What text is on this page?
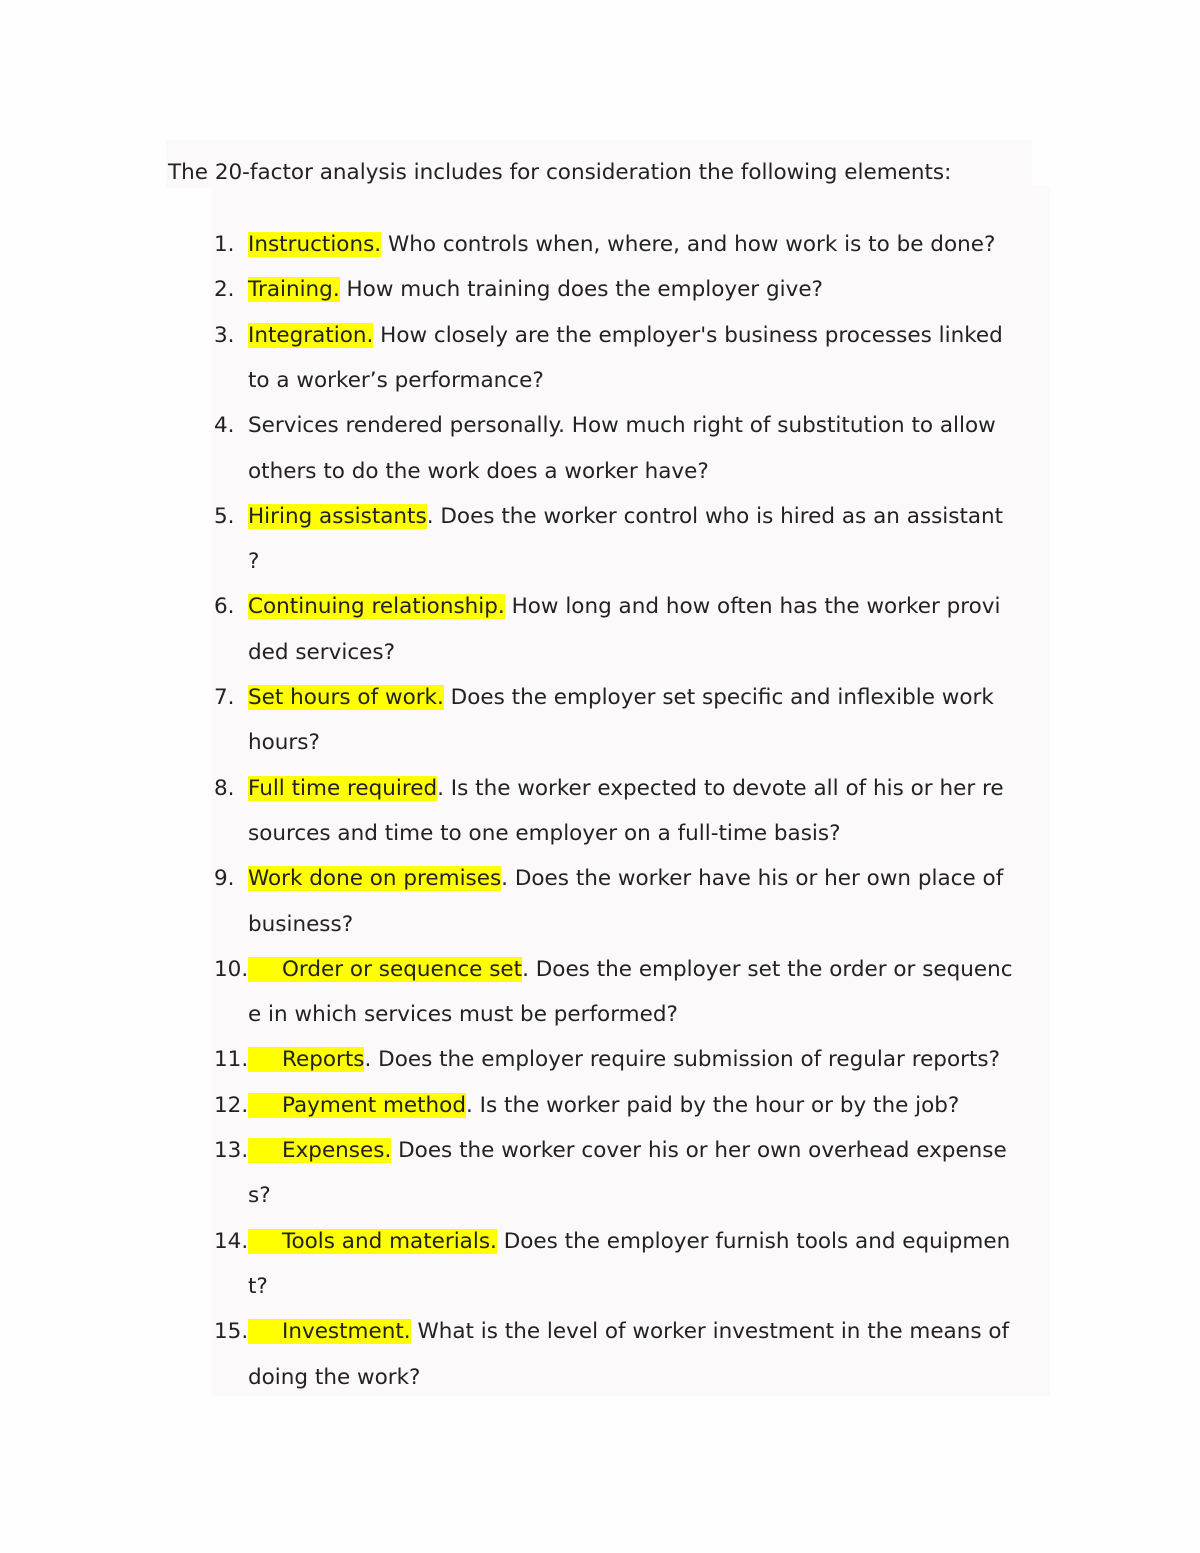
The 20-factor analysis includes for consideration the following elements:
1. Instructions. Who controls when, where, and how work is to be done?
2. Training. How much training does the employer give?
3. Integration. How closely are the employer's business processes linked
to a worker’s performance?
4. Services rendered personally. How much right of substitution to allow
others to do the work does a worker have?
5. Hiring assistants. Does the worker control who is hired as an assistant
?
6. Continuing relationship. How long and how often has the worker provi
ded services?
7. Set hours of work. Does the employer set specific and inflexible work
hours?
8. Full time required. Is the worker expected to devote all of his or her re
sources and time to one employer on a full-time basis?
9. Work done on premises. Does the worker have his or her own place of
business?
10.	Order or sequence set. Does the employer set the order or sequenc
e in which services must be performed?
11.	Reports. Does the employer require submission of regular reports?
12.	Payment method. Is the worker paid by the hour or by the job?
13.	Expenses. Does the worker cover his or her own overhead expense
s?
14.	Tools and materials. Does the employer furnish tools and equipmen
t?
15.	Investment. What is the level of worker investment in the means of
doing the work?
